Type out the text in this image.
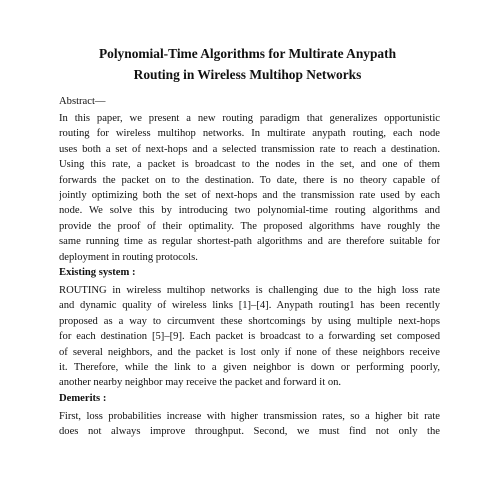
Polynomial-Time Algorithms for Multirate Anypath
Routing in Wireless Multihop Networks
Abstract—
In this paper, we present a new routing paradigm that generalizes opportunistic
routing for wireless multihop networks. In multirate anypath routing, each node
uses both a set of next-hops and a selected transmission rate to reach a destination.
Using this rate, a packet is broadcast to the nodes in the set, and one of them
forwards the packet on to the destination. To date, there is no theory capable of
jointly optimizing both the set of next-hops and the transmission rate used by each
node. We solve this by introducing two polynomial-time routing algorithms and
provide the proof of their optimality. The proposed algorithms have roughly the
same running time as regular shortest-path algorithms and are therefore suitable for
deployment in routing protocols.
Existing system :
ROUTING in wireless multihop networks is challenging due to the high loss rate
and dynamic quality of wireless links [1]–[4]. Anypath routing1 has been recently
proposed as a way to circumvent these shortcomings by using multiple next-hops
for each destination [5]–[9]. Each packet is broadcast to a forwarding set composed
of several neighbors, and the packet is lost only if none of these neighbors receive
it. Therefore, while the link to a given neighbor is down or performing poorly,
another nearby neighbor may receive the packet and forward it on.
Demerits :
First, loss probabilities increase with higher transmission rates, so a higher bit rate
does not always improve throughput. Second, we must find not only the
